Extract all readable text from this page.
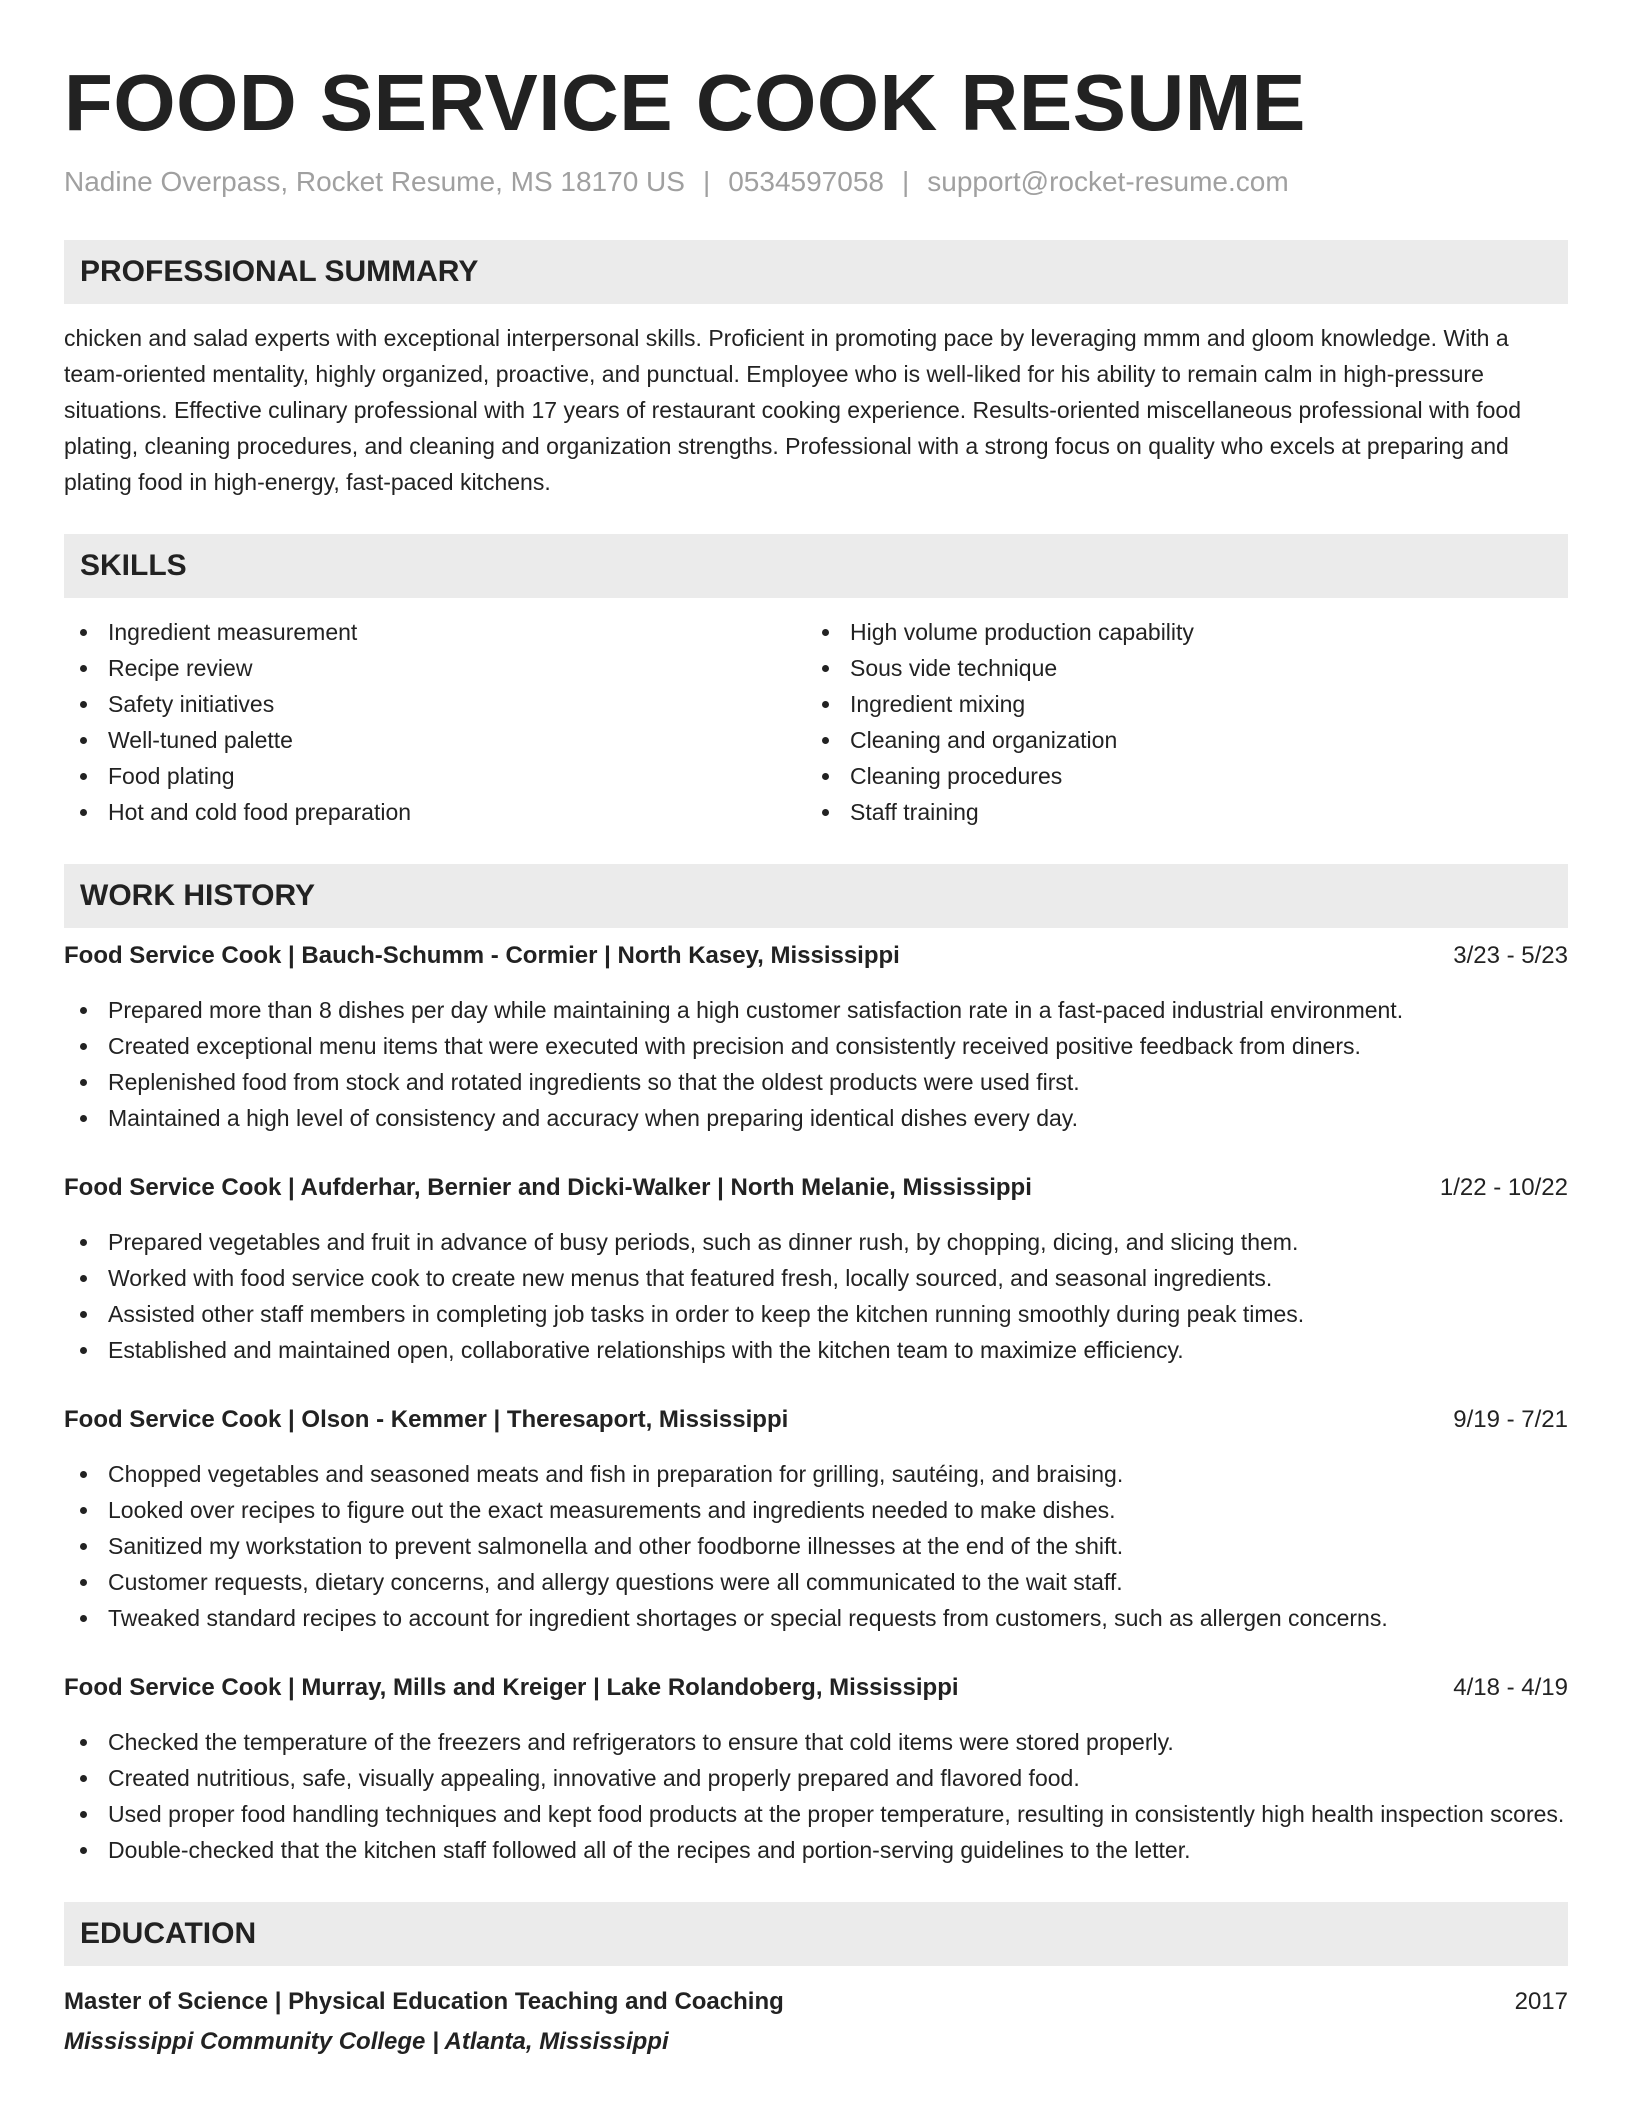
FOOD SERVICE COOK RESUME
Nadine Overpass, Rocket Resume, MS 18170 US | 0534597058 | support@rocket-resume.com
PROFESSIONAL SUMMARY
chicken and salad experts with exceptional interpersonal skills. Proficient in promoting pace by leveraging mmm and gloom knowledge. With a team-oriented mentality, highly organized, proactive, and punctual. Employee who is well-liked for his ability to remain calm in high-pressure situations. Effective culinary professional with 17 years of restaurant cooking experience. Results-oriented miscellaneous professional with food plating, cleaning procedures, and cleaning and organization strengths. Professional with a strong focus on quality who excels at preparing and plating food in high-energy, fast-paced kitchens.
SKILLS
Ingredient measurement
Recipe review
Safety initiatives
Well-tuned palette
Food plating
Hot and cold food preparation
High volume production capability
Sous vide technique
Ingredient mixing
Cleaning and organization
Cleaning procedures
Staff training
WORK HISTORY
Food Service Cook | Bauch-Schumm - Cormier | North Kasey, Mississippi	3/23 - 5/23
Prepared more than 8 dishes per day while maintaining a high customer satisfaction rate in a fast-paced industrial environment.
Created exceptional menu items that were executed with precision and consistently received positive feedback from diners.
Replenished food from stock and rotated ingredients so that the oldest products were used first.
Maintained a high level of consistency and accuracy when preparing identical dishes every day.
Food Service Cook | Aufderhar, Bernier and Dicki-Walker | North Melanie, Mississippi	1/22 - 10/22
Prepared vegetables and fruit in advance of busy periods, such as dinner rush, by chopping, dicing, and slicing them.
Worked with food service cook to create new menus that featured fresh, locally sourced, and seasonal ingredients.
Assisted other staff members in completing job tasks in order to keep the kitchen running smoothly during peak times.
Established and maintained open, collaborative relationships with the kitchen team to maximize efficiency.
Food Service Cook | Olson - Kemmer | Theresaport, Mississippi	9/19 - 7/21
Chopped vegetables and seasoned meats and fish in preparation for grilling, sautéing, and braising.
Looked over recipes to figure out the exact measurements and ingredients needed to make dishes.
Sanitized my workstation to prevent salmonella and other foodborne illnesses at the end of the shift.
Customer requests, dietary concerns, and allergy questions were all communicated to the wait staff.
Tweaked standard recipes to account for ingredient shortages or special requests from customers, such as allergen concerns.
Food Service Cook | Murray, Mills and Kreiger | Lake Rolandoberg, Mississippi	4/18 - 4/19
Checked the temperature of the freezers and refrigerators to ensure that cold items were stored properly.
Created nutritious, safe, visually appealing, innovative and properly prepared and flavored food.
Used proper food handling techniques and kept food products at the proper temperature, resulting in consistently high health inspection scores.
Double-checked that the kitchen staff followed all of the recipes and portion-serving guidelines to the letter.
EDUCATION
Master of Science | Physical Education Teaching and Coaching	2017
Mississippi Community College | Atlanta, Mississippi
